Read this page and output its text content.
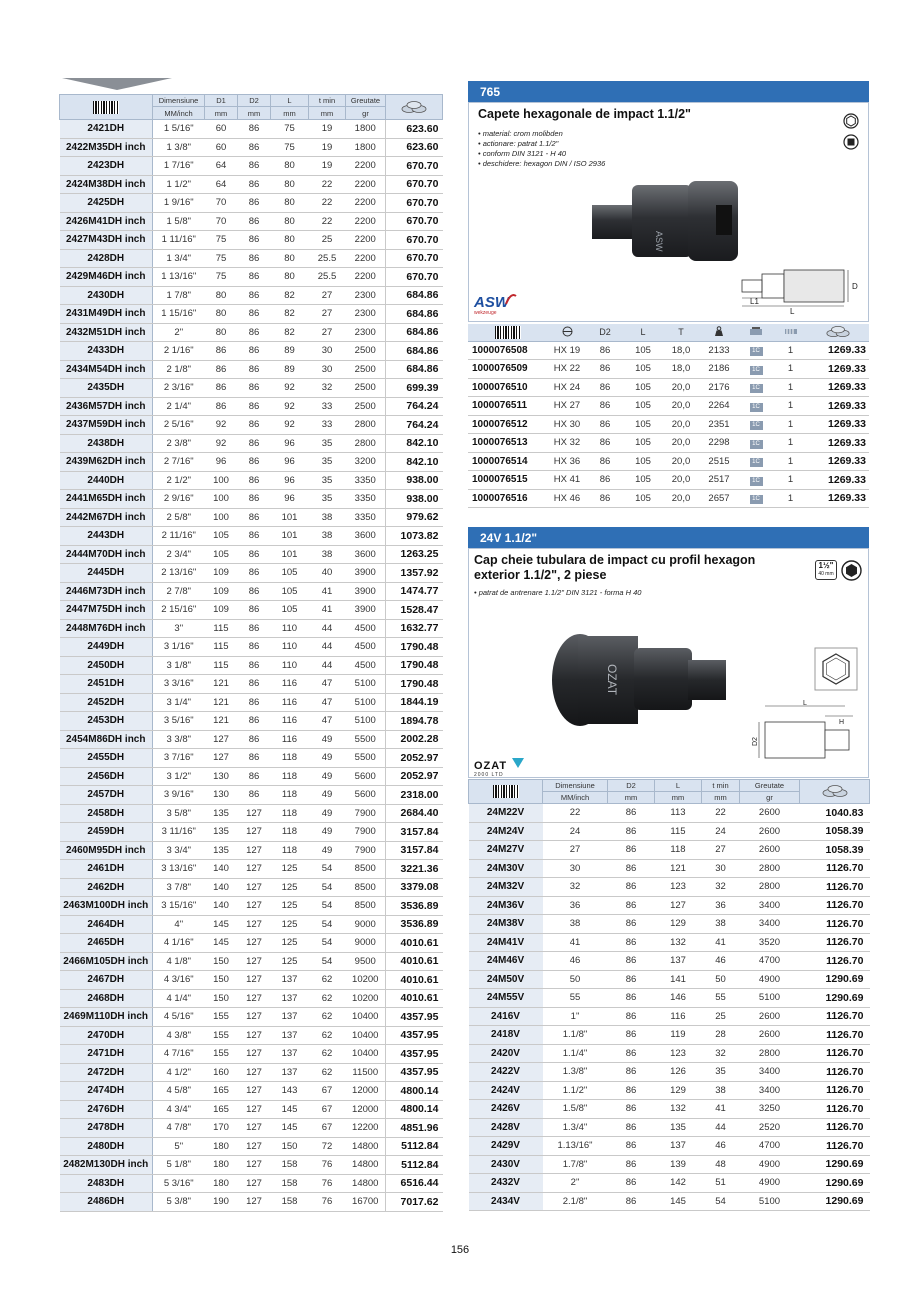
	Dimensiune	D1	D2	L	t min	Greutate	
	MM/inch	mm	mm	mm	mm	gr	
2421DH	1 5/16"	60	86	75	19	1800	623.60
2422M35DH inch	1 3/8"	60	86	75	19	1800	623.60
2423DH	1 7/16"	64	86	80	19	2200	670.70
2424M38DH inch	1 1/2"	64	86	80	22	2200	670.70
2425DH	1 9/16"	70	86	80	22	2200	670.70
2426M41DH inch	1 5/8"	70	86	80	22	2200	670.70
2427M43DH inch	1 11/16"	75	86	80	25	2200	670.70
2428DH	1 3/4"	75	86	80	25.5	2200	670.70
2429M46DH inch	1 13/16"	75	86	80	25.5	2200	670.70
2430DH	1 7/8"	80	86	82	27	2300	684.86
2431M49DH inch	1 15/16"	80	86	82	27	2300	684.86
2432M51DH inch	2"	80	86	82	27	2300	684.86
2433DH	2 1/16"	86	86	89	30	2500	684.86
2434M54DH inch	2 1/8"	86	86	89	30	2500	684.86
2435DH	2 3/16"	86	86	92	32	2500	699.39
2436M57DH inch	2 1/4"	86	86	92	33	2500	764.24
2437M59DH inch	2 5/16"	92	86	92	33	2800	764.24
2438DH	2 3/8"	92	86	96	35	2800	842.10
2439M62DH inch	2 7/16"	96	86	96	35	3200	842.10
2440DH	2 1/2"	100	86	96	35	3350	938.00
2441M65DH inch	2 9/16"	100	86	96	35	3350	938.00
2442M67DH inch	2 5/8"	100	86	101	38	3350	979.62
2443DH	2 11/16"	105	86	101	38	3600	1073.82
2444M70DH inch	2 3/4"	105	86	101	38	3600	1263.25
2445DH	2 13/16"	109	86	105	40	3900	1357.92
2446M73DH inch	2 7/8"	109	86	105	41	3900	1474.77
2447M75DH inch	2 15/16"	109	86	105	41	3900	1528.47
2448M76DH inch	3"	115	86	110	44	4500	1632.77
2449DH	3 1/16"	115	86	110	44	4500	1790.48
2450DH	3 1/8"	115	86	110	44	4500	1790.48
2451DH	3 3/16"	121	86	116	47	5100	1790.48
2452DH	3 1/4"	121	86	116	47	5100	1844.19
2453DH	3 5/16"	121	86	116	47	5100	1894.78
2454M86DH inch	3 3/8"	127	86	116	49	5500	2002.28
2455DH	3 7/16"	127	86	118	49	5500	2052.97
2456DH	3 1/2"	130	86	118	49	5600	2052.97
2457DH	3 9/16"	130	86	118	49	5600	2318.00
2458DH	3 5/8"	135	127	118	49	7900	2684.40
2459DH	3 11/16"	135	127	118	49	7900	3157.84
2460M95DH inch	3 3/4"	135	127	118	49	7900	3157.84
2461DH	3 13/16"	140	127	125	54	8500	3221.36
2462DH	3 7/8"	140	127	125	54	8500	3379.08
2463M100DH inch	3 15/16"	140	127	125	54	8500	3536.89
2464DH	4"	145	127	125	54	9000	3536.89
2465DH	4 1/16"	145	127	125	54	9000	4010.61
2466M105DH inch	4 1/8"	150	127	125	54	9500	4010.61
2467DH	4 3/16"	150	127	137	62	10200	4010.61
2468DH	4 1/4"	150	127	137	62	10200	4010.61
2469M110DH inch	4 5/16"	155	127	137	62	10400	4357.95
2470DH	4 3/8"	155	127	137	62	10400	4357.95
2471DH	4 7/16"	155	127	137	62	10400	4357.95
2472DH	4 1/2"	160	127	137	62	11500	4357.95
2474DH	4 5/8"	165	127	143	67	12000	4800.14
2476DH	4 3/4"	165	127	145	67	12000	4800.14
2478DH	4 7/8"	170	127	145	67	12200	4851.96
2480DH	5"	180	127	150	72	14800	5112.84
2482M130DH inch	5 1/8"	180	127	158	76	14800	5112.84
2483DH	5 3/16"	180	127	158	76	14800	6516.44
2486DH	5 3/8"	190	127	158	76	16700	7017.62
765
Capete hexagonale de impact 1.1/2"
• material: crom molibden
• actionare: patrat 1.1/2"
• conform DIN 3121 - H 40
• deschidere: hexagon DIN / ISO 2936
ASW
L1
L
D
ASW
wekzeuge
		D2	L	T				
1000076508	HX 19	86	105	18,0	2133	1C	1	1269.33
1000076509	HX 22	86	105	18,0	2186	1C	1	1269.33
1000076510	HX 24	86	105	20,0	2176	1C	1	1269.33
1000076511	HX 27	86	105	20,0	2264	1C	1	1269.33
1000076512	HX 30	86	105	20,0	2351	1C	1	1269.33
1000076513	HX 32	86	105	20,0	2298	1C	1	1269.33
1000076514	HX 36	86	105	20,0	2515	1C	1	1269.33
1000076515	HX 41	86	105	20,0	2517	1C	1	1269.33
1000076516	HX 46	86	105	20,0	2657	1C	1	1269.33
24V 1.1/2"
Cap cheie tubulara de impact cu profil hexagon
exterior 1.1/2", 2 piese
• patrat de antrenare 1.1/2" DIN 3121 - forma H 40
1½"
40 mm
OZAT
L
H
D2
OZAT
2000 LTD
	Dimensiune	D2	L	t min	Greutate	
	MM/inch	mm	mm	mm	gr	
24M22V	22	86	113	22	2600	1040.83
24M24V	24	86	115	24	2600	1058.39
24M27V	27	86	118	27	2600	1058.39
24M30V	30	86	121	30	2800	1126.70
24M32V	32	86	123	32	2800	1126.70
24M36V	36	86	127	36	3400	1126.70
24M38V	38	86	129	38	3400	1126.70
24M41V	41	86	132	41	3520	1126.70
24M46V	46	86	137	46	4700	1126.70
24M50V	50	86	141	50	4900	1290.69
24M55V	55	86	146	55	5100	1290.69
2416V	1"	86	116	25	2600	1126.70
2418V	1.1/8"	86	119	28	2600	1126.70
2420V	1.1/4"	86	123	32	2800	1126.70
2422V	1.3/8"	86	126	35	3400	1126.70
2424V	1.1/2"	86	129	38	3400	1126.70
2426V	1.5/8"	86	132	41	3250	1126.70
2428V	1.3/4"	86	135	44	2520	1126.70
2429V	1.13/16"	86	137	46	4700	1126.70
2430V	1.7/8"	86	139	48	4900	1290.69
2432V	2"	86	142	51	4900	1290.69
2434V	2.1/8"	86	145	54	5100	1290.69
156
